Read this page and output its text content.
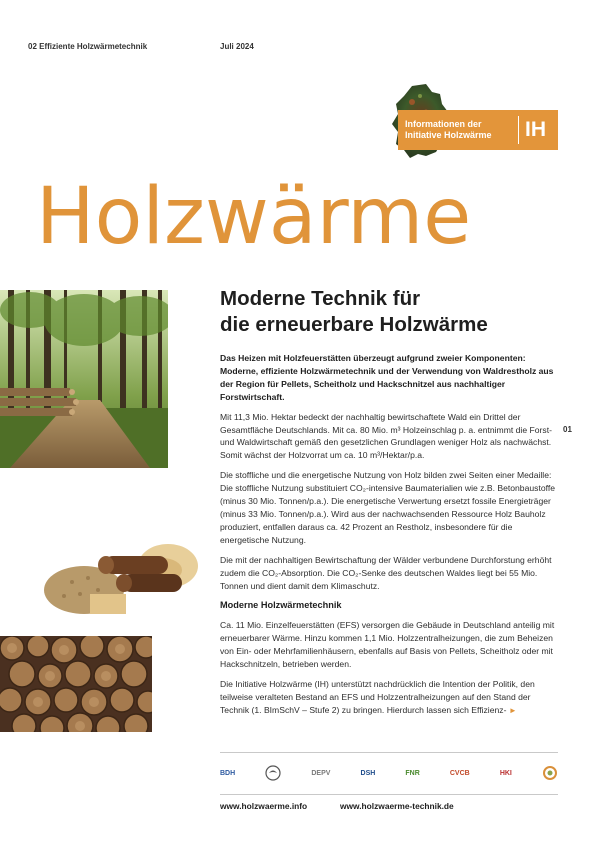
02 Effiziente Holzwärmetechnik	Juli 2024
Informationen der
Initiative Holzwärme	IH
Holzwärme
Moderne Technik für
die erneuerbare Holzwärme

Das Heizen mit Holzfeuerstätten überzeugt aufgrund zweier Komponenten: Moderne, effiziente Holzwärmetechnik und der Verwendung von Waldrestholz aus der Region für Pellets, Scheitholz und Hackschnitzel aus nachhaltiger Forstwirtschaft.

Mit 11,3 Mio. Hektar bedeckt der nachhaltig bewirtschaftete Wald ein Drittel der Gesamtfläche Deutschlands. Mit ca. 80 Mio. m³ Holzeinschlag p. a. entnimmt die Forst- und Waldwirtschaft gemäß den gesetzlichen Grundlagen weniger Holz als nachwächst. Somit wächst der Holzvorrat um ca. 10 m³/Hektar/p.a.

Die stoffliche und die energetische Nutzung von Holz bilden zwei Seiten einer Medaille: Die stoffliche Nutzung substituiert CO₂-intensive Baumaterialien wie z.B. Betonbaustoffe (minus 30 Mio. Tonnen/p.a.). Die energetische Verwertung ersetzt fossile Energieträger (minus 33 Mio. Tonnen/p.a.). Wird aus der nachwachsenden Ressource Holz Bauholz produziert, entfallen daraus ca. 42 Prozent an Restholz, insbesondere für die energetische Nutzung.

Die mit der nachhaltigen Bewirtschaftung der Wälder verbundene Durchforstung erhöht zudem die CO₂-Absorption. Die CO₂-Senke des deutschen Waldes liegt bei 55 Mio. Tonnen und dient damit dem Klimaschutz.

Moderne Holzwärmetechnik

Ca. 11 Mio. Einzelfeuerstätten (EFS) versorgen die Gebäude in Deutschland anteilig mit erneuerbarer Wärme. Hinzu kommen 1,1 Mio. Holzzentralheizungen, die zum Beheizen von Ein- oder Mehrfamilienhäusern, ebenfalls auf Basis von Pellets, Scheitholz oder mit Hackschnitzeln, betrieben werden.

Die Initiative Holzwärme (IH) unterstützt nachdrücklich die Intention der Politik, den teilweise veralteten Bestand an EFS und Holzzentralheizungen auf den Stand der Technik (1. BImSchV – Stufe 2) zu bringen. Hierdurch lassen sich Effizienz- ►

01
BDH	DEPV	DSH	FNR	CVCB	HKI
www.holzwaerme.info	www.holzwaerme-technik.de
